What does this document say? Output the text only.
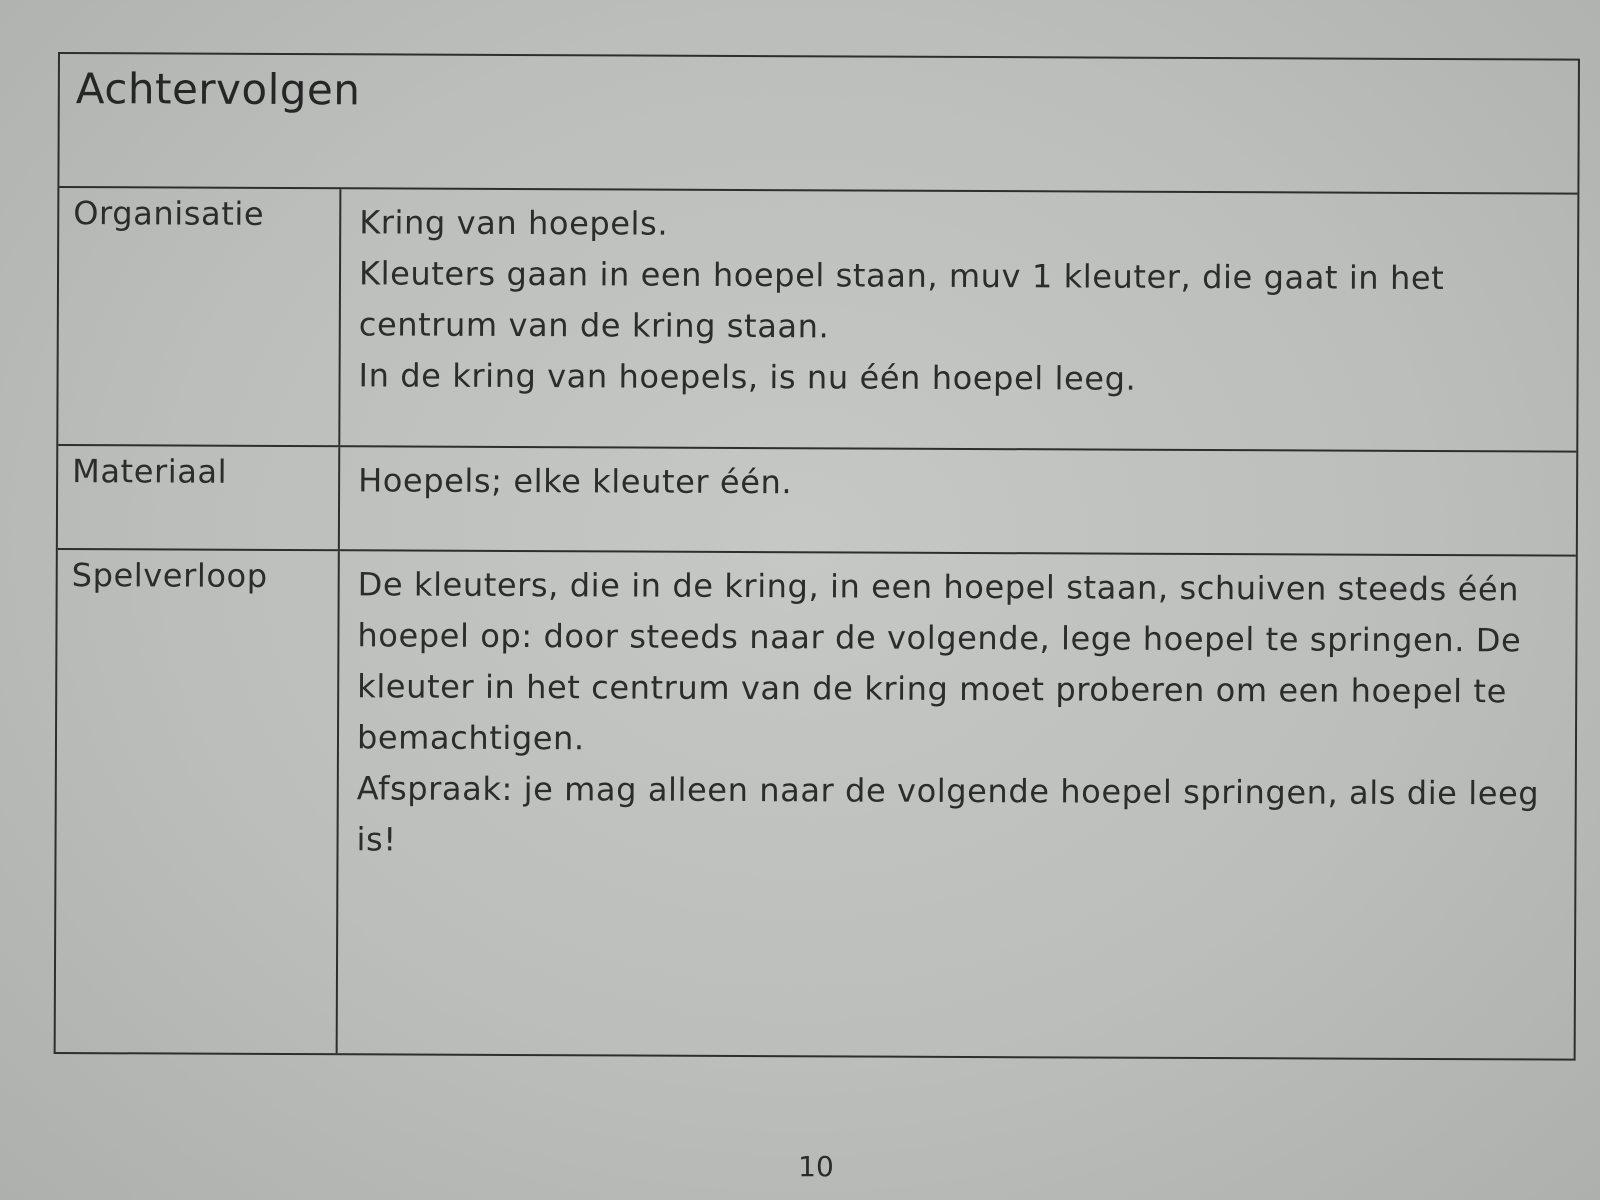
Achtervolgen
Organisatie	Kring van hoepels.

Kleuters gaan in een hoepel staan, muv 1 kleuter, die gaat in het centrum van de kring staan.

In de kring van hoepels, is nu één hoepel leeg.

Materiaal	Hoepels; elke kleuter één.

Spelverloop	De kleuters, die in de kring, in een hoepel staan, schuiven steeds één hoepel op: door steeds naar de volgende, lege hoepel te springen. De kleuter in het centrum van de kring moet proberen om een hoepel te bemachtigen.

Afspraak: je mag alleen naar de volgende hoepel springen, als die leeg is!

10
